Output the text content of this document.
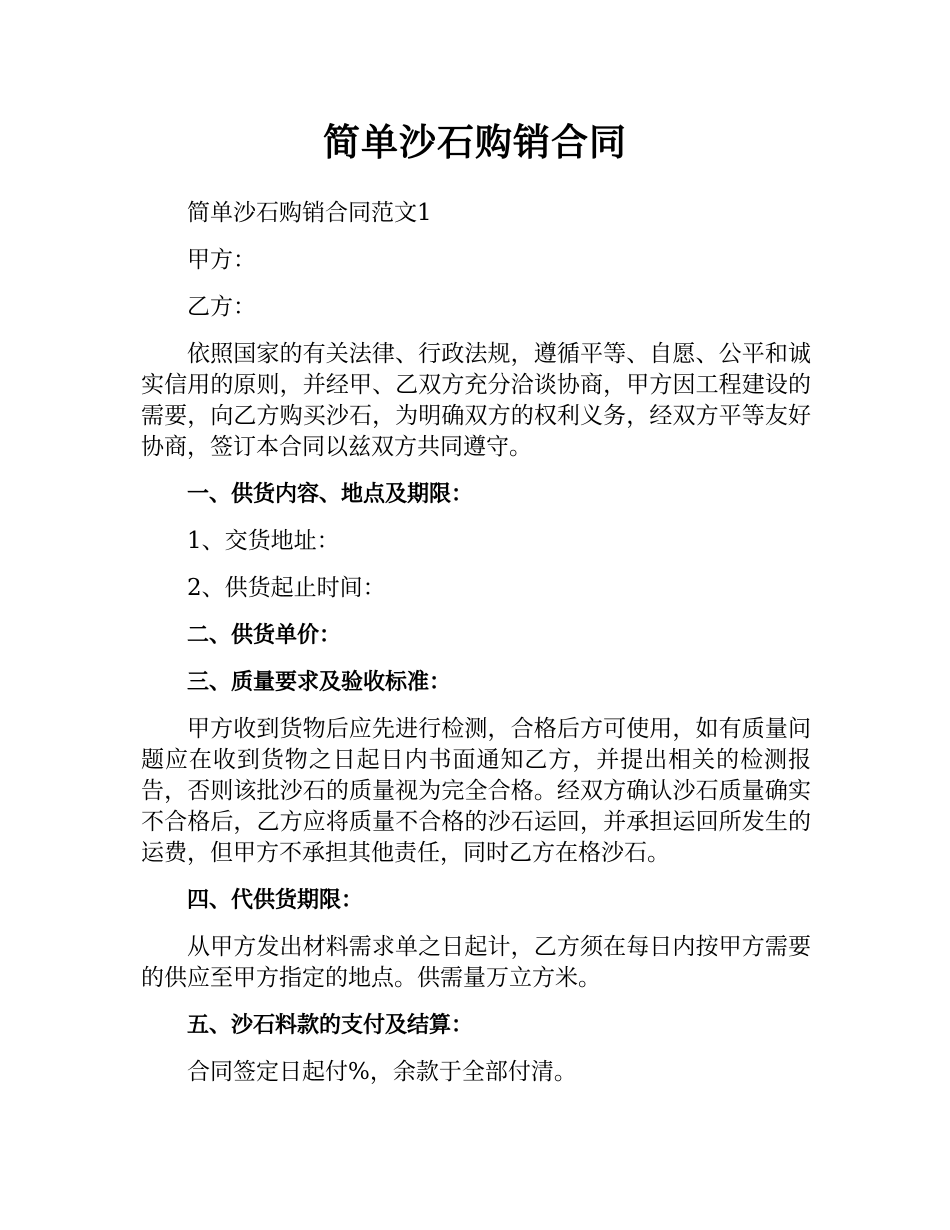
简单沙石购销合同

简单沙石购销合同范文1

甲方：

乙方：

依照国家的有关法律、行政法规，遵循平等、自愿、公平和诚实信用的原则，并经甲、乙双方充分洽谈协商，甲方因工程建设的需要，向乙方购买沙石，为明确双方的权利义务，经双方平等友好协商，签订本合同以兹双方共同遵守。

一、供货内容、地点及期限：

1、交货地址：

2、供货起止时间：

二、供货单价：

三、质量要求及验收标准：

甲方收到货物后应先进行检测，合格后方可使用，如有质量问题应在收到货物之日起日内书面通知乙方，并提出相关的检测报告，否则该批沙石的质量视为完全合格。经双方确认沙石质量确实不合格后，乙方应将质量不合格的沙石运回，并承担运回所发生的运费，但甲方不承担其他责任，同时乙方在格沙石。

四、代供货期限：

从甲方发出材料需求单之日起计，乙方须在每日内按甲方需要的供应至甲方指定的地点。供需量万立方米。

五、沙石料款的支付及结算：

合同签定日起付%，余款于全部付清。
